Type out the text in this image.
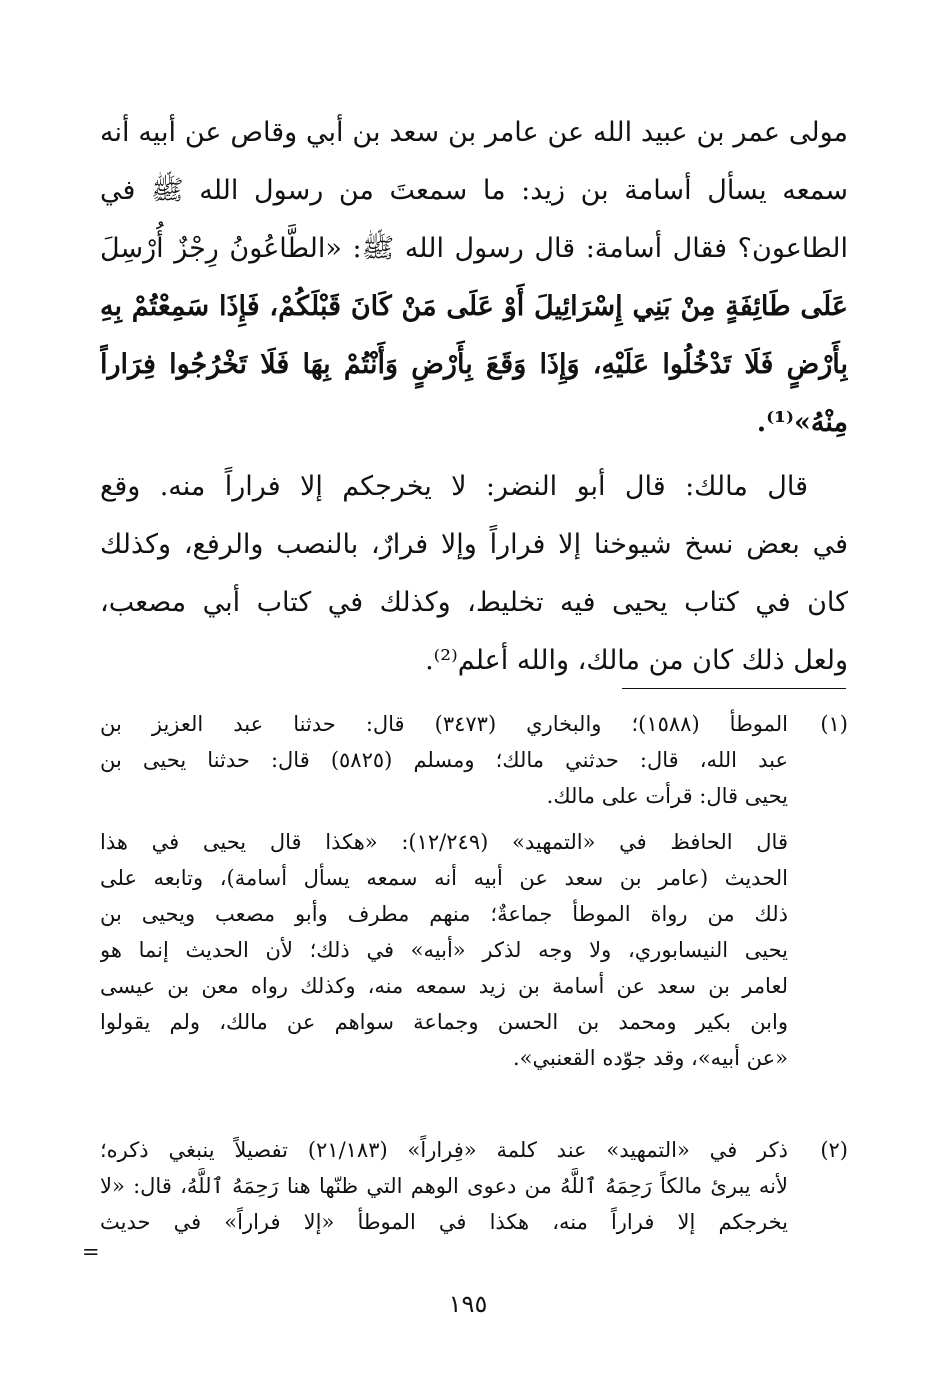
مولى عمر بن عبيد الله عن عامر بن سعد بن أبي وقاص عن أبيه أنه
سمعه يسأل أسامة بن زيد: ما سمعتَ من رسول الله ﷺ في
الطاعون؟ فقال أسامة: قال رسول الله ﷺ: «الطَّاعُونُ رِجْزٌ أُرْسِلَ
عَلَى طَائِفَةٍ مِنْ بَنِي إِسْرَائِيلَ أَوْ عَلَى مَنْ كَانَ قَبْلَكُمْ، فَإِذَا سَمِعْتُمْ بِهِ
بِأَرْضٍ فَلَا تَدْخُلُوا عَلَيْهِ، وَإِذَا وَقَعَ بِأَرْضٍ وَأَنْتُمْ بِهَا فَلَا تَخْرُجُوا فِرَاراً
مِنْهُ»⁽¹⁾.
قال مالك: قال أبو النضر: لا يخرجكم إلا فراراً منه. وقع
في بعض نسخ شيوخنا إلا فراراً وإلا فرارٌ، بالنصب والرفع، وكذلك
كان في كتاب يحيى فيه تخليط، وكذلك في كتاب أبي مصعب،
ولعل ذلك كان من مالك، والله أعلم⁽²⁾.
(١)
الموطأ (١٥٨٨)؛ والبخاري (٣٤٧٣) قال: حدثنا عبد العزيز بن
عبد الله، قال: حدثني مالك؛ ومسلم (٥٨٢٥) قال: حدثنا يحيى بن
يحيى قال: قرأت على مالك.
قال الحافظ في «التمهيد» (١٢/٢٤٩): «هكذا قال يحيى في هذا
الحديث (عامر بن سعد عن أبيه أنه سمعه يسأل أسامة)، وتابعه على
ذلك من رواة الموطأ جماعةٌ؛ منهم مطرف وأبو مصعب ويحيى بن
يحيى النيسابوري، ولا وجه لذكر «أبيه» في ذلك؛ لأن الحديث إنما هو
لعامر بن سعد عن أسامة بن زيد سمعه منه، وكذلك رواه معن بن عيسى
وابن بكير ومحمد بن الحسن وجماعة سواهم عن مالك، ولم يقولوا
«عن أبيه»، وقد جوّده القعنبي».
(٢)
ذكر في «التمهيد» عند كلمة «فِراراً» (٢١/١٨٣) تفصيلاً ينبغي ذكره؛
لأنه يبرئ مالكاً رَحِمَهُ ٱللَّهُ من دعوى الوهم التي ظنّها هنا رَحِمَهُ ٱللَّهُ، قال: «لا
يخرجكم إلا فراراً منه، هكذا في الموطأ «إلا فراراً» في حديث
=
١٩٥
